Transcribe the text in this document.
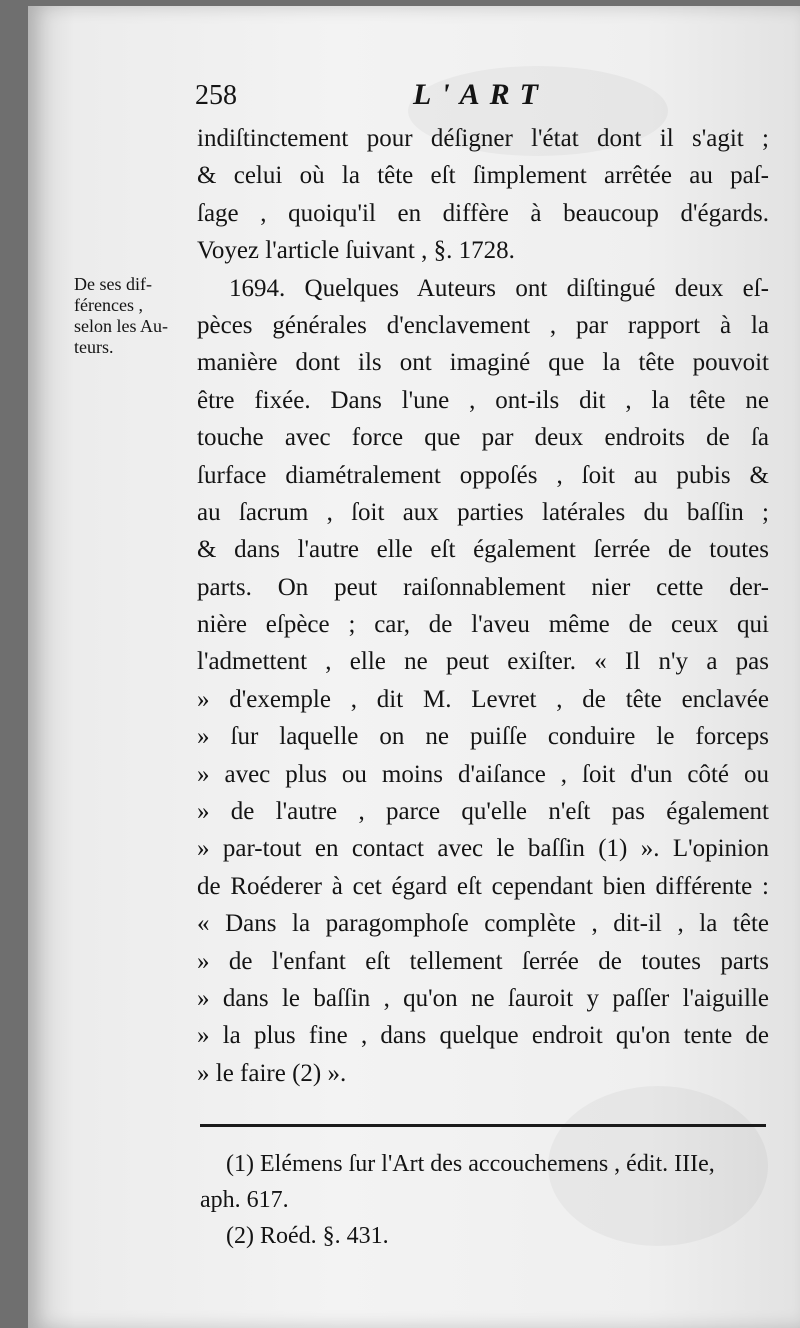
258	L'ART
De ses dif-
férences ,
selon les Au-
teurs.
indiſtinctement pour déſigner l'état dont il s'agit ;
& celui où la tête eſt ſimplement arrêtée au paſ-
ſage , quoiqu'il en diffère à beaucoup d'égards.
Voyez l'article ſuivant , §. 1728.
1694. Quelques Auteurs ont diſtingué deux eſ-
pèces générales d'enclavement , par rapport à la
manière dont ils ont imaginé que la tête pouvoit
être fixée. Dans l'une , ont-ils dit , la tête ne
touche avec force que par deux endroits de ſa
ſurface diamétralement oppoſés , ſoit au pubis &
au ſacrum , ſoit aux parties latérales du baſſin ;
& dans l'autre elle eſt également ſerrée de toutes
parts. On peut raiſonnablement nier cette der-
nière eſpèce ; car, de l'aveu même de ceux qui
l'admettent , elle ne peut exiſter. « Il n'y a pas
» d'exemple , dit M. Levret , de tête enclavée
» ſur laquelle on ne puiſſe conduire le forceps
» avec plus ou moins d'aiſance , ſoit d'un côté ou
» de l'autre , parce qu'elle n'eſt pas également
» par-tout en contact avec le baſſin (1) ». L'opinion
de Roéderer à cet égard eſt cependant bien différente :
« Dans la paragomphoſe complète , dit-il , la tête
» de l'enfant eſt tellement ſerrée de toutes parts
» dans le baſſin , qu'on ne ſauroit y paſſer l'aiguille
» la plus fine , dans quelque endroit qu'on tente de
» le faire (2) ».
(1) Elémens ſur l'Art des accouchemens , édit. IIIe,
aph. 617.
(2) Roéd. §. 431.
